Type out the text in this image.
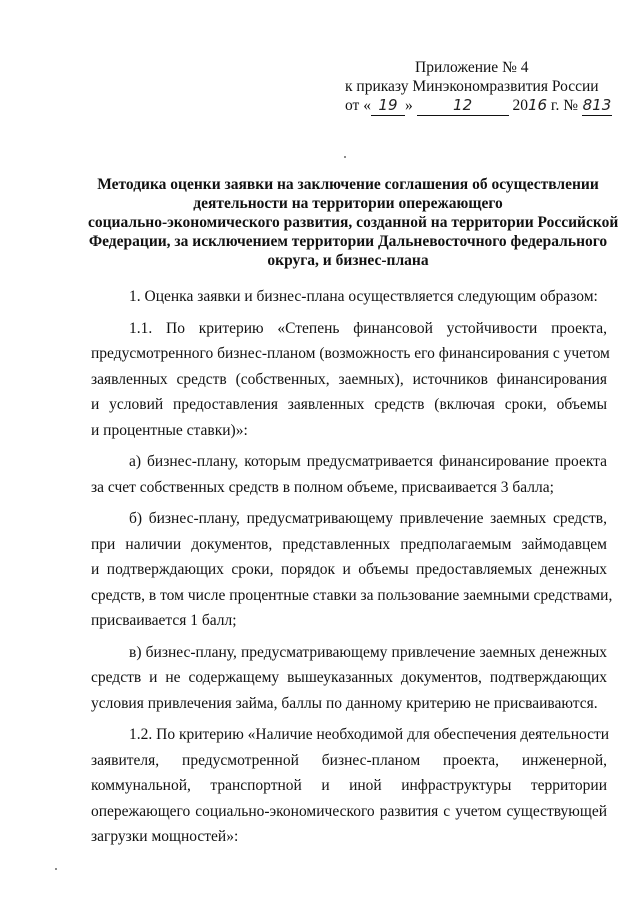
Приложение № 4
к приказу Минэкономразвития России
от « 19 »	12	2016 г. № 813
Методика оценки заявки на заключение соглашения об осуществлении
деятельности на территории опережающего
социально-экономического развития, созданной на территории Российской
Федерации, за исключением территории Дальневосточного федерального
округа, и бизнес-плана

1. Оценка заявки и бизнес-плана осуществляется следующим образом:

1.1. По критерию «Степень финансовой устойчивости проекта,
предусмотренного бизнес-планом (возможность его финансирования с учетом
заявленных средств (собственных, заемных), источников финансирования
и условий предоставления заявленных средств (включая сроки, объемы
и процентные ставки)»:

а) бизнес-плану, которым предусматривается финансирование проекта
за счет собственных средств в полном объеме, присваивается 3 балла;

б) бизнес-плану, предусматривающему привлечение заемных средств,
при наличии документов, представленных предполагаемым займодавцем
и подтверждающих сроки, порядок и объемы предоставляемых денежных
средств, в том числе процентные ставки за пользование заемными средствами,
присваивается 1 балл;

в) бизнес-плану, предусматривающему привлечение заемных денежных
средств и не содержащему вышеуказанных документов, подтверждающих
условия привлечения займа, баллы по данному критерию не присваиваются.

1.2. По критерию «Наличие необходимой для обеспечения деятельности
заявителя, предусмотренной бизнес-планом проекта, инженерной,
коммунальной, транспортной и иной инфраструктуры территории
опережающего социально-экономического развития с учетом существующей
загрузки мощностей»:
